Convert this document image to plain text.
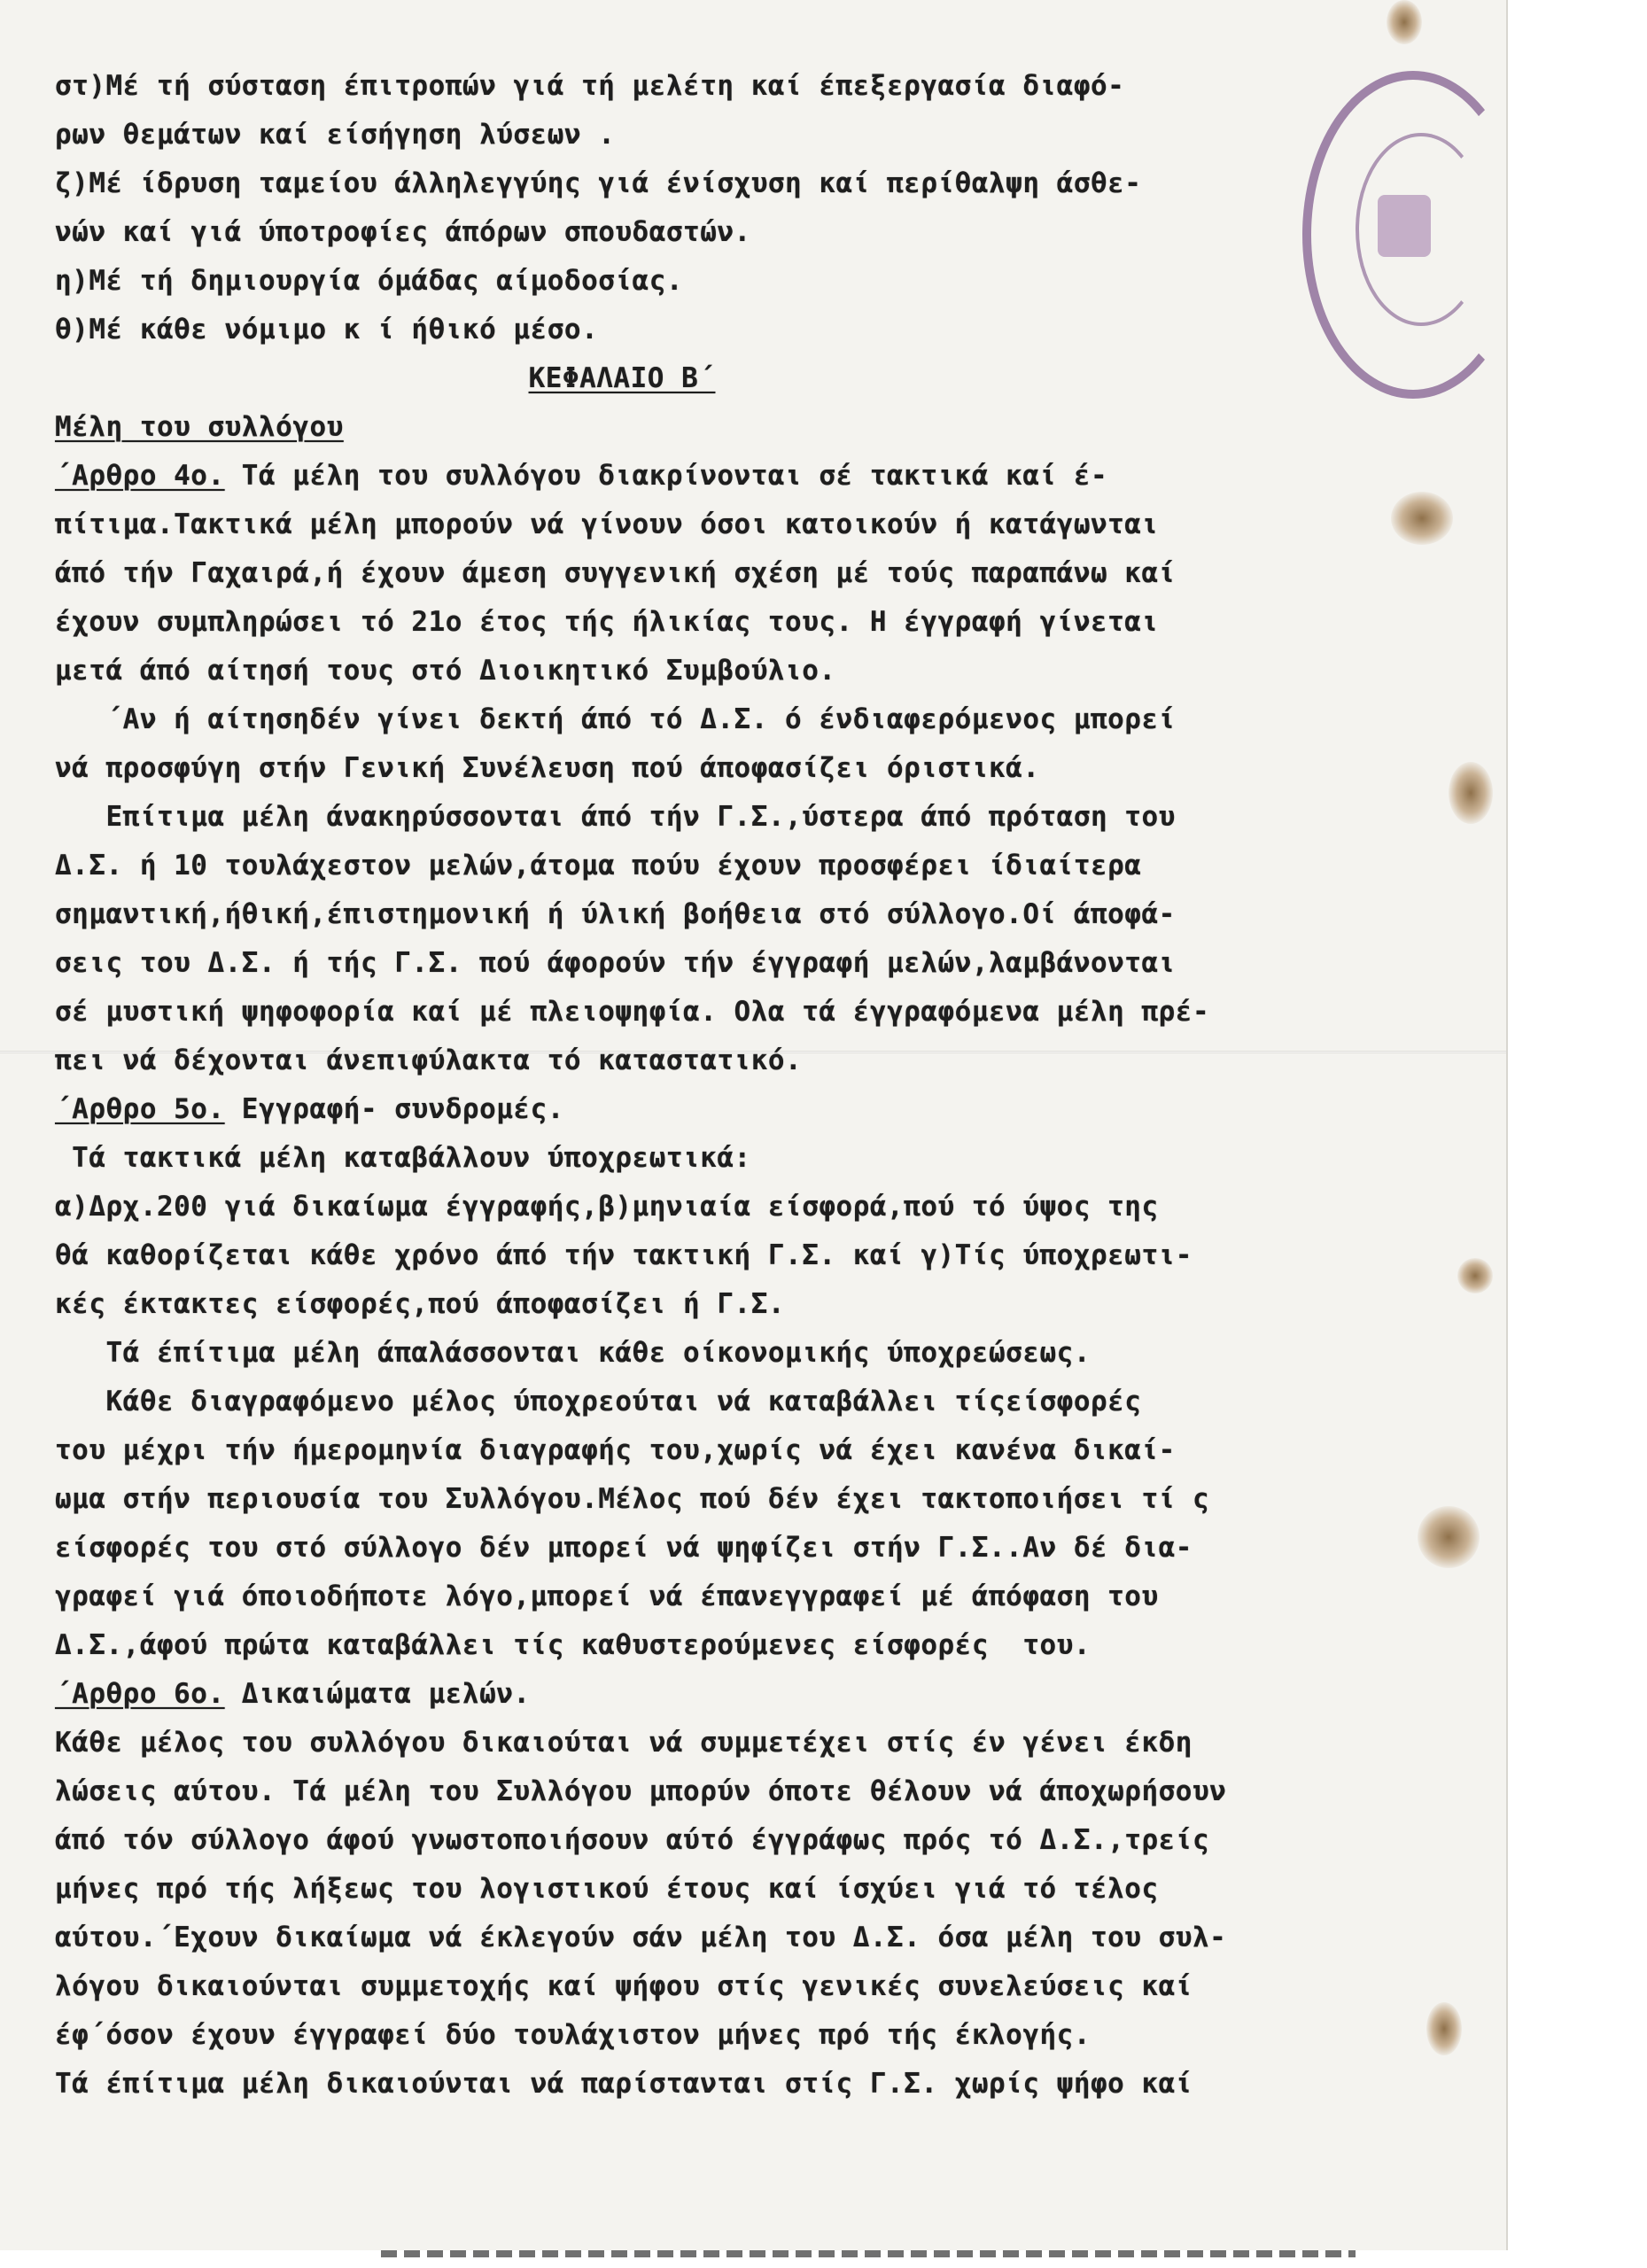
στ)Μέ τή σύσταση έπιτροπών γιά τή μελέτη καί έπεξεργασία διαφό-
ρων θεμάτων καί είσήγηση λύσεων .
ζ)Μέ ίδρυση ταμείου άλληλεγγύης γιά ένίσχυση καί περίθαλψη άσθε-
νών καί γιά ύποτροφίες άπόρων σπουδαστών.
η)Μέ τή δημιουργία όμάδας αίμοδοσίας.
θ)Μέ κάθε νόμιμο κ ί ήθικό μέσο.
ΚΕΦΑΛΑΙΟ Β΄
Μέλη του συλλόγου
΄Αρθρο 4ο. Τά μέλη του συλλόγου διακρίνονται σέ τακτικά καί έ-
πίτιμα.Τακτικά μέλη μπορούν νά γίνουν όσοι κατοικούν ή κατάγωνται
άπό τήν Γαχαιρά,ή έχουν άμεση συγγενική σχέση μέ τούς παραπάνω καί
έχουν συμπληρώσει τό 21ο έτος τής ήλικίας τους. Η έγγραφή γίνεται
μετά άπό αίτησή τους στό Διοικητικό Συμβούλιο.
΄Αν ή αίτησηδέν γίνει δεκτή άπό τό Δ.Σ. ό ένδιαφερόμενος μπορεί
νά προσφύγη στήν Γενική Συνέλευση πού άποφασίζει όριστικά.
Επίτιμα μέλη άνακηρύσσονται άπό τήν Γ.Σ.,ύστερα άπό πρόταση του
Δ.Σ. ή 10 τουλάχεστον μελών,άτομα πούυ έχουν προσφέρει ίδιαίτερα
σημαντική,ήθική,έπιστημονική ή ύλική βοήθεια στό σύλλογο.Οί άποφά-
σεις του Δ.Σ. ή τής Γ.Σ. πού άφορούν τήν έγγραφή μελών,λαμβάνονται
σέ μυστική ψηφοφορία καί μέ πλειοψηφία. Ολα τά έγγραφόμενα μέλη πρέ-
πει νά δέχονται άνεπιφύλακτα τό καταστατικό.
΄Αρθρο 5ο. Εγγραφή- συνδρομές.
Τά τακτικά μέλη καταβάλλουν ύποχρεωτικά:
α)Δρχ.200 γιά δικαίωμα έγγραφής,β)μηνιαία είσφορά,πού τό ύψος της
θά καθορίζεται κάθε χρόνο άπό τήν τακτική Γ.Σ. καί γ)Τίς ύποχρεωτι-
κές έκτακτες είσφορές,πού άποφασίζει ή Γ.Σ.
Τά έπίτιμα μέλη άπαλάσσονται κάθε οίκονομικής ύποχρεώσεως.
Κάθε διαγραφόμενο μέλος ύποχρεούται νά καταβάλλει τίςείσφορές
του μέχρι τήν ήμερομηνία διαγραφής του,χωρίς νά έχει κανένα δικαί-
ωμα στήν περιουσία του Συλλόγου.Μέλος πού δέν έχει τακτοποιήσει τί ς
είσφορές του στό σύλλογο δέν μπορεί νά ψηφίζει στήν Γ.Σ..Αν δέ δια-
γραφεί γιά όποιοδήποτε λόγο,μπορεί νά έπανεγγραφεί μέ άπόφαση του
Δ.Σ.,άφού πρώτα καταβάλλει τίς καθυστερούμενες είσφορές  του.
΄Αρθρο 6ο. Δικαιώματα μελών.
Κάθε μέλος του συλλόγου δικαιούται νά συμμετέχει στίς έν γένει έκδη
λώσεις αύτου. Τά μέλη του Συλλόγου μπορύν όποτε θέλουν νά άποχωρήσουν
άπό τόν σύλλογο άφού γνωστοποιήσουν αύτό έγγράφως πρός τό Δ.Σ.,τρείς
μήνες πρό τής λήξεως του λογιστικού έτους καί ίσχύει γιά τό τέλος
αύτου.΄Εχουν δικαίωμα νά έκλεγούν σάν μέλη του Δ.Σ. όσα μέλη του συλ-
λόγου δικαιούνται συμμετοχής καί ψήφου στίς γενικές συνελεύσεις καί
έφ΄όσον έχουν έγγραφεί δύο τουλάχιστον μήνες πρό τής έκλογής.
Τά έπίτιμα μέλη δικαιούνται νά παρίστανται στίς Γ.Σ. χωρίς ψήφο καί
